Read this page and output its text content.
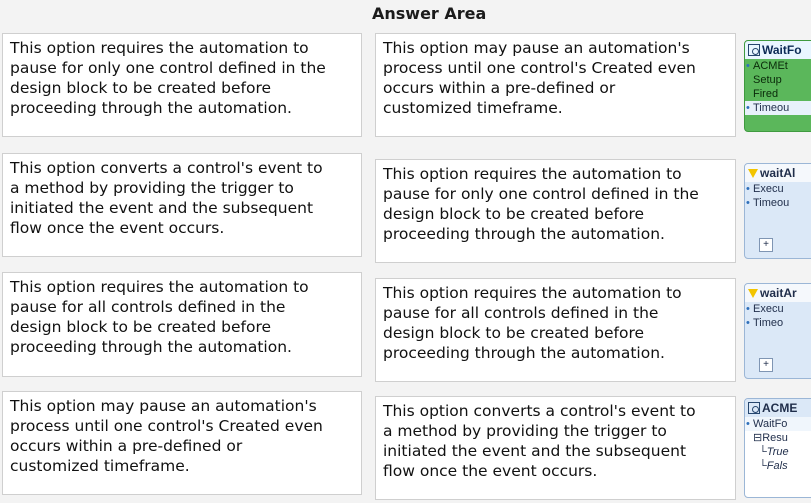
Answer Area
This option requires the automation to
pause for only one control defined in the
design block to be created before
proceeding through the automation.
This option converts a control's event to
a method by providing the trigger to
initiated the event and the subsequent
flow once the event occurs.
This option requires the automation to
pause for all controls defined in the
design block to be created before
proceeding through the automation.
This option may pause an automation's
process until one control's Created even
occurs within a pre-defined or
customized timeframe.
This option may pause an automation's
process until one control's Created even
occurs within a pre-defined or
customized timeframe.
This option requires the automation to
pause for only one control defined in the
design block to be created before
proceeding through the automation.
This option requires the automation to
pause for all controls defined in the
design block to be created before
proceeding through the automation.
This option converts a control's event to
a method by providing the trigger to
initiated the event and the subsequent
flow once the event occurs.
WaitFo
• ACMEt
Setup
Fired
• Timeou
waitAl
• Execu
• Timeou
+
waitAr
• Execu
• Timeo
+
ACME
• WaitFo
⊟Resu
└True
└Fals
